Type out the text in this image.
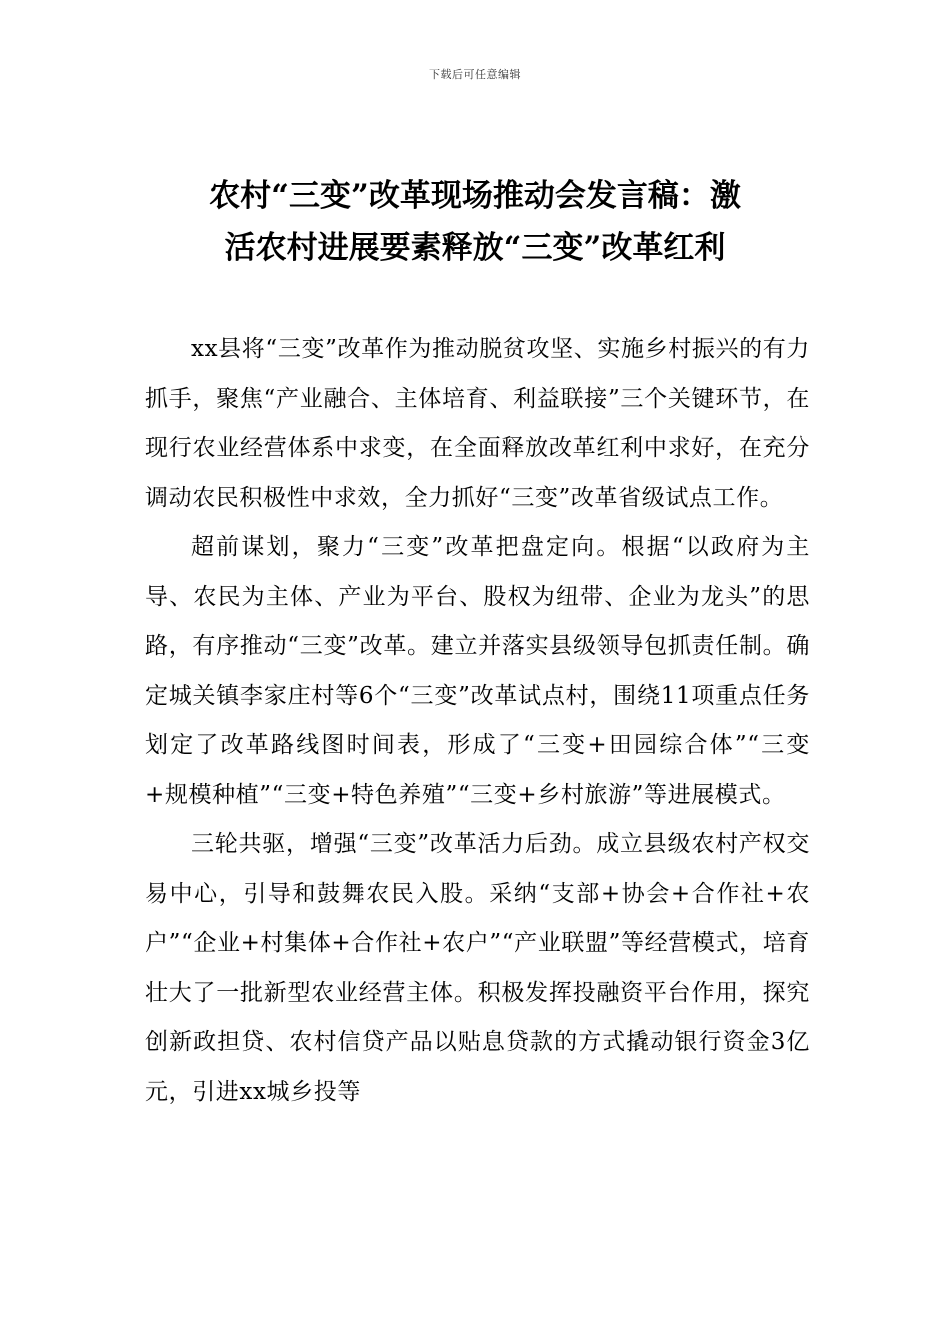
下载后可任意编辑
农村“三变”改革现场推动会发言稿：激
活农村进展要素释放“三变”改革红利

xx县将“三变”改革作为推动脱贫攻坚、实施乡村振兴的有力抓手，聚焦“产业融合、主体培育、利益联接”三个关键环节，在现行农业经营体系中求变，在全面释放改革红利中求好，在充分调动农民积极性中求效，全力抓好“三变”改革省级试点工作。

超前谋划，聚力“三变”改革把盘定向。根据“以政府为主导、农民为主体、产业为平台、股权为纽带、企业为龙头”的思路，有序推动“三变”改革。建立并落实县级领导包抓责任制。确定城关镇李家庄村等6个“三变”改革试点村，围绕11项重点任务划定了改革路线图时间表，形成了“三变+田园综合体”“三变+规模种植”“三变+特色养殖”“三变+乡村旅游”等进展模式。

三轮共驱，增强“三变”改革活力后劲。成立县级农村产权交易中心，引导和鼓舞农民入股。采纳“支部+协会+合作社+农户”“企业+村集体+合作社+农户”“产业联盟”等经营模式，培育壮大了一批新型农业经营主体。积极发挥投融资平台作用，探究创新政担贷、农村信贷产品以贴息贷款的方式撬动银行资金3亿元，引进xx城乡投等
